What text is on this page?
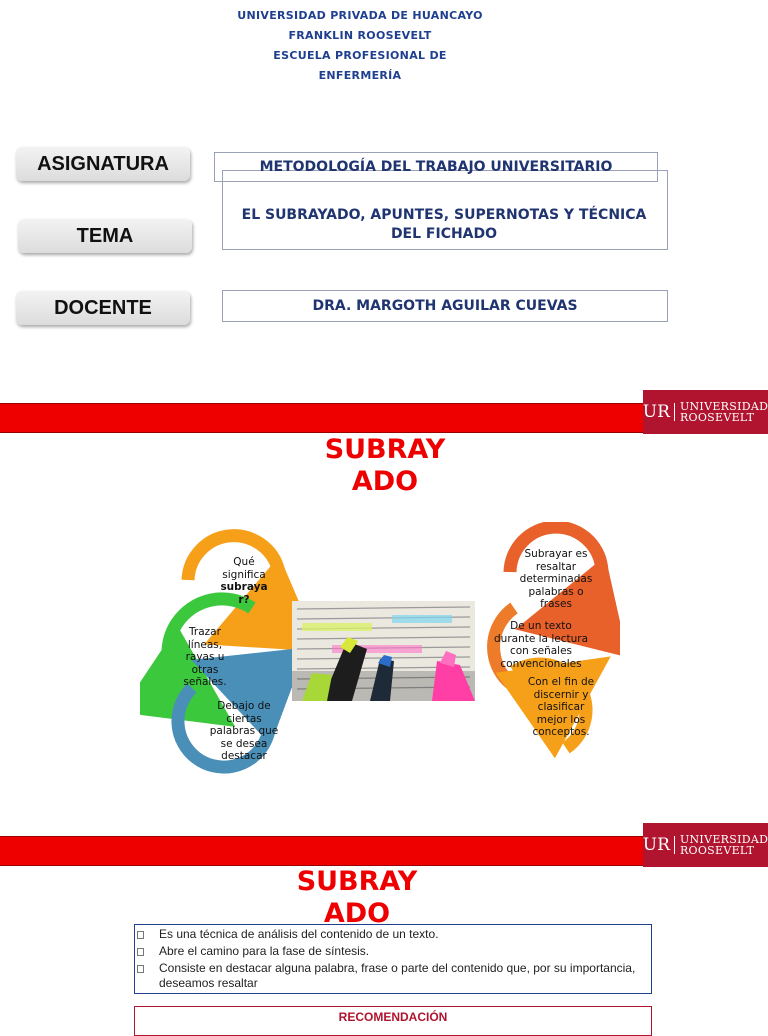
UNIVERSIDAD PRIVADA DE HUANCAYO
FRANKLIN ROOSEVELT
ESCUELA PROFESIONAL DE
ENFERMERÍA
ASIGNATURA
TEMA
DOCENTE
METODOLOGÍA DEL TRABAJO UNIVERSITARIO
EL SUBRAYADO, APUNTES, SUPERNOTAS Y TÉCNICA DEL FICHADO
DRA. MARGOTH AGUILAR CUEVAS
UR UNIVERSIDAD
ROOSEVELT
SUBRAY
ADO
Qué significa
subraya r?
Trazar líneas, rayas u otras señales.
Debajo de ciertas palabras que se desea destacar
Subrayar es resaltar determinadas palabras o frases
De un texto durante la lectura con señales convencionales
Con el fin de discernir y clasificar mejor los conceptos.
UR UNIVERSIDAD
ROOSEVELT
SUBRAY
ADO
Es una técnica de análisis del contenido de un texto.
Abre el camino para la fase de síntesis.
Consiste en destacar alguna palabra, frase o parte del contenido que, por su importancia, deseamos resaltar
RECOMENDACIÓN
